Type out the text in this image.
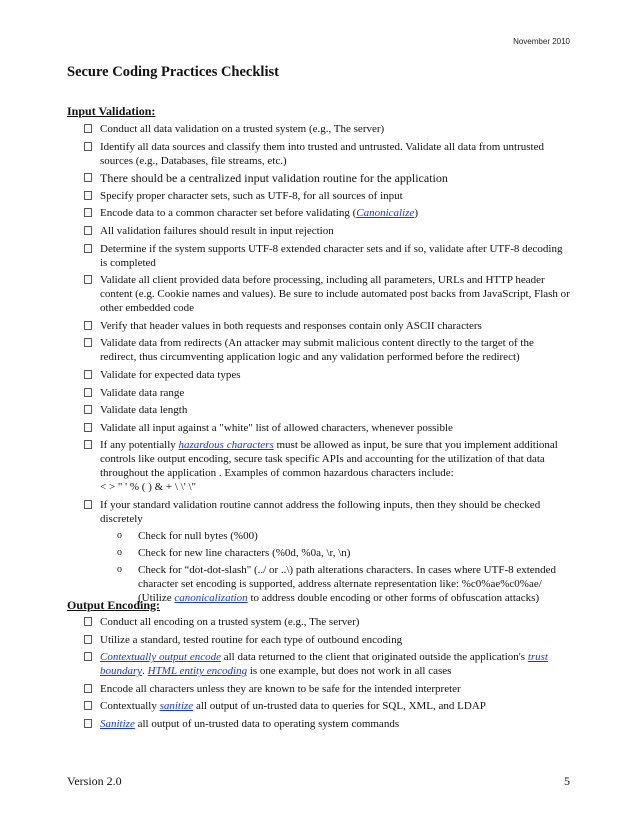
November 2010
Secure Coding Practices Checklist
Input Validation:
Conduct all data validation on a trusted system (e.g., The server)
Identify all data sources and classify them into trusted and untrusted. Validate all data from untrusted sources (e.g., Databases, file streams, etc.)
There should be a centralized input validation routine for the application
Specify proper character sets, such as UTF-8, for all sources of input
Encode data to a common character set before validating (Canonicalize)
All validation failures should result in input rejection
Determine if the system supports UTF-8 extended character sets and if so, validate after UTF-8 decoding is completed
Validate all client provided data before processing, including all parameters, URLs and HTTP header content (e.g. Cookie names and values). Be sure to include automated post backs from JavaScript, Flash or other embedded code
Verify that header values in both requests and responses contain only ASCII characters
Validate data from redirects (An attacker may submit malicious content directly to the target of the redirect, thus circumventing application logic and any validation performed before the redirect)
Validate for expected data types
Validate data range
Validate data length
Validate all input against a "white" list of allowed characters, whenever possible
If any potentially hazardous characters must be allowed as input, be sure that you implement additional controls like output encoding, secure task specific APIs and accounting for the utilization of that data throughout the application . Examples of common hazardous characters include:
< > " ' % ( ) & + \ \' \"
If your standard validation routine cannot address the following inputs, then they should be checked discretely
o Check for null bytes (%00)
o Check for new line characters (%0d, %0a, \r, \n)
o Check for “dot-dot-slash" (../ or ..\) path alterations characters. In cases where UTF-8 extended character set encoding is supported, address alternate representation like: %c0%ae%c0%ae/ (Utilize canonicalization to address double encoding or other forms of obfuscation attacks)
Output Encoding:
Conduct all encoding on a trusted system (e.g., The server)
Utilize a standard, tested routine for each type of outbound encoding
Contextually output encode all data returned to the client that originated outside the application's trust boundary. HTML entity encoding is one example, but does not work in all cases
Encode all characters unless they are known to be safe for the intended interpreter
Contextually sanitize all output of un-trusted data to queries for SQL, XML, and LDAP
Sanitize all output of un-trusted data to operating system commands
Version 2.0	5
